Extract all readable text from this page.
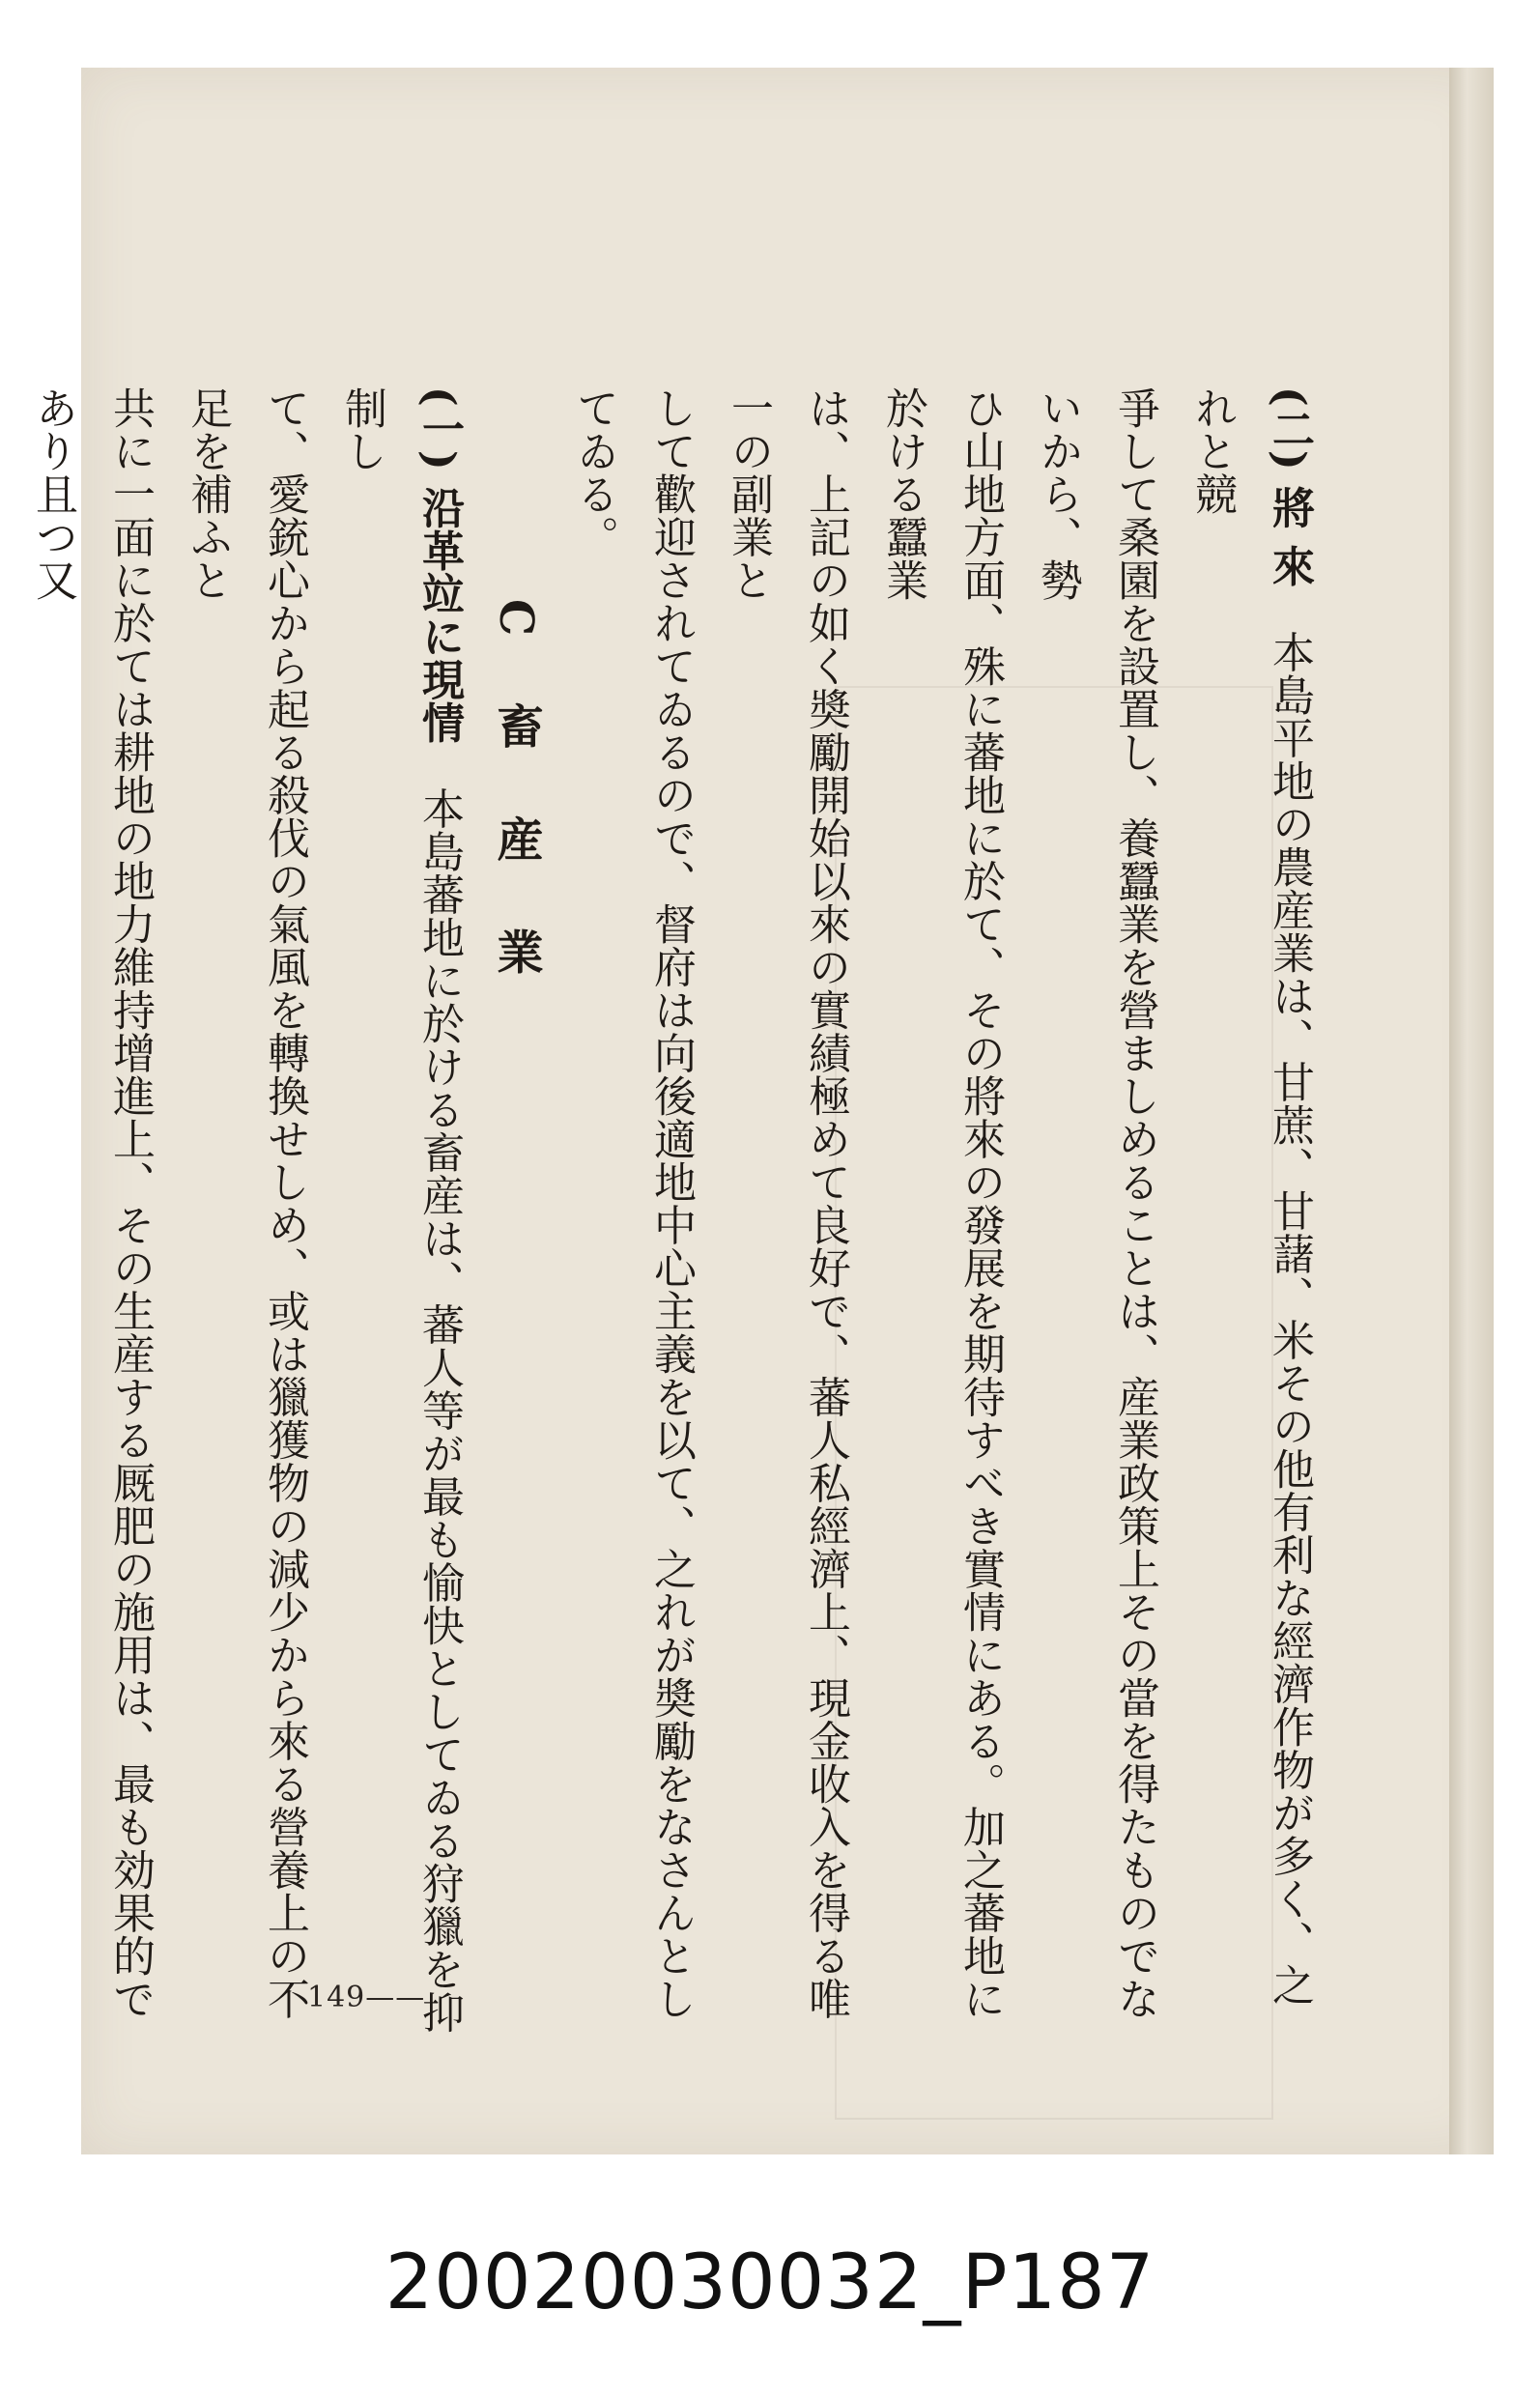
(二) 將 來　本島平地の農産業は、甘蔗、甘藷、米その他有利な經濟作物が多く、之れと競

爭して桑園を設置し、養蠶業を營ましめることは、産業政策上その當を得たものでないから、勢

ひ山地方面、殊に蕃地に於て、その將來の發展を期待すべき實情にある。加之蕃地に於ける蠶業

は、上記の如く奬勵開始以來の實績極めて良好で、蕃人私經濟上、現金收入を得る唯一の副業と

して歡迎されてゐるので、督府は向後適地中心主義を以て、之れが奬勵をなさんとしてゐる。

C 畜 産 業

(一) 沿革竝に現情　本島蕃地に於ける畜産は、蕃人等が最も愉快としてゐる狩獵を抑制し

て、愛銃心から起る殺伐の氣風を轉換せしめ、或は獵獲物の減少から來る營養上の不足を補ふと

共に一面に於ては耕地の地力維持增進上、その生産する厩肥の施用は、最も効果的であり且つ又

149——
20020030032_P187
